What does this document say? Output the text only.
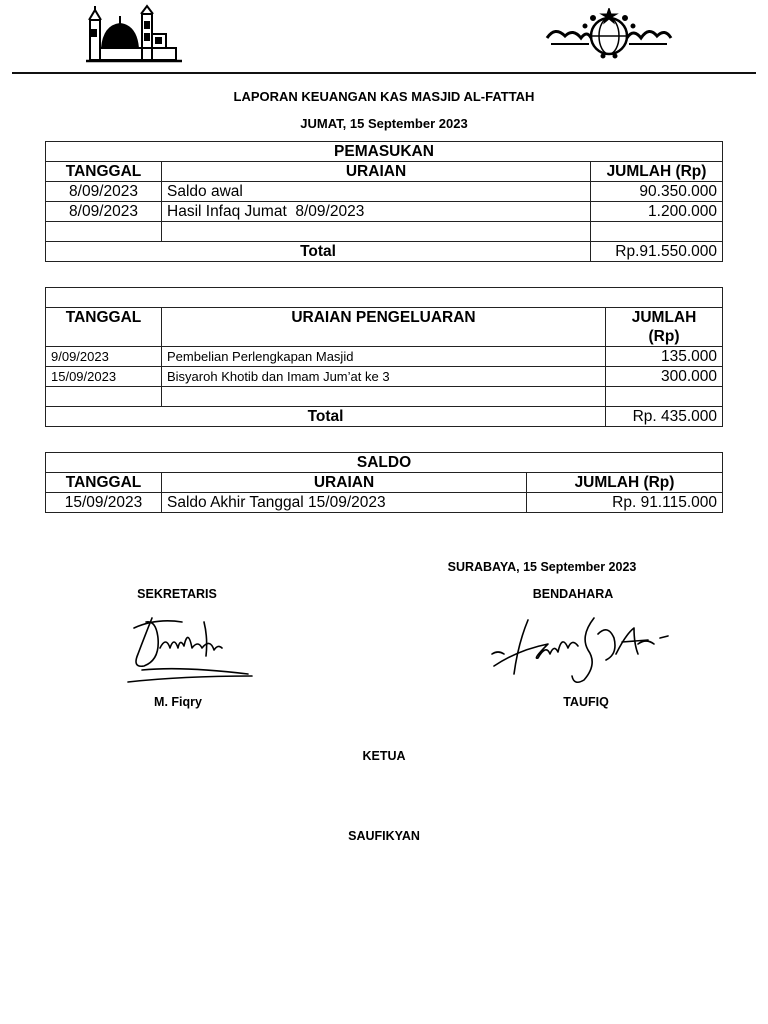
LAPORAN KEUANGAN KAS MASJID AL-FATTAH
JUMAT, 15 September 2023
PEMASUKAN		
TANGGAL	URAIAN	JUMLAH (Rp)
8/09/2023	Saldo awal	90.350.000
8/09/2023	Hasil Infaq Jumat  8/09/2023	1.200.000

Total		Rp.91.550.000

TANGGAL	URAIAN PENGELUARAN	JUMLAH
(Rp)

9/09/2023	Pembelian Perlengkapan Masjid	135.000
15/09/2023	Bisyaroh Khotib dan Imam Jum’at ke 3	300.000

Total		Rp. 435.000
SALDO		
TANGGAL	URAIAN	JUMLAH (Rp)
15/09/2023	Saldo Akhir Tanggal 15/09/2023	Rp. 91.115.000
SURABAYA, 15 September 2023
SEKRETARIS	BENDAHARA
M. Fiqry	TAUFIQ
KETUA
SAUFIKYAN
